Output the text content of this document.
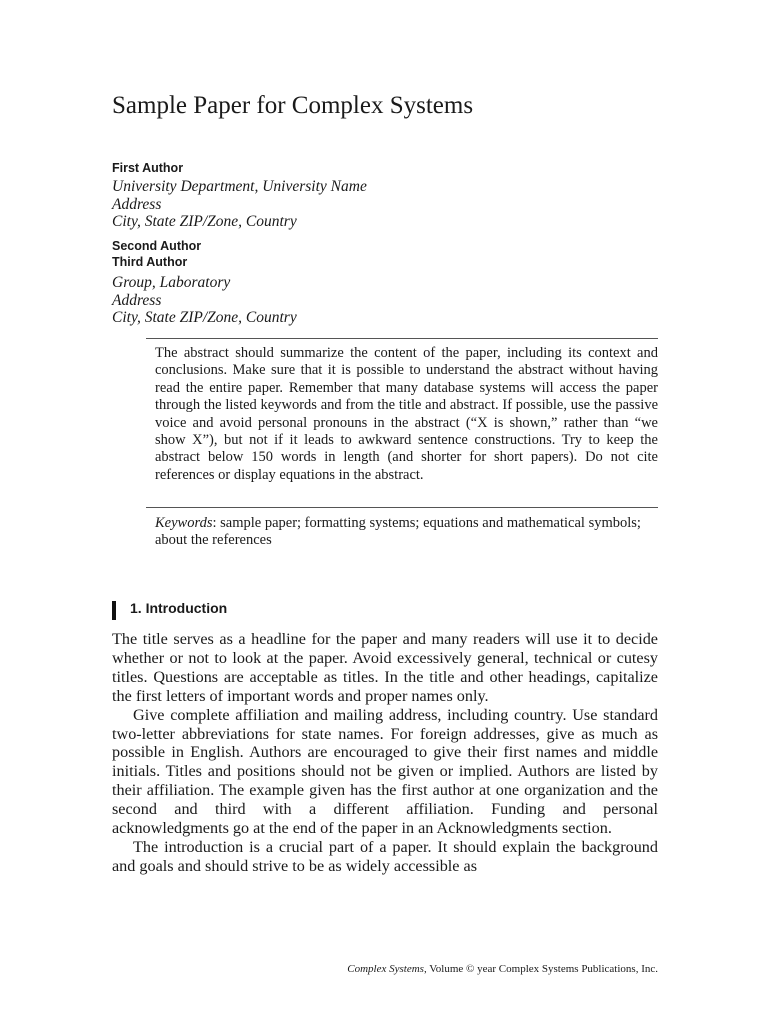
Sample Paper for Complex Systems
First Author
University Department, University Name
Address
City, State ZIP/Zone, Country
Second Author
Third Author
Group, Laboratory
Address
City, State ZIP/Zone, Country
The abstract should summarize the content of the paper, including its context and conclusions. Make sure that it is possible to understand the abstract without having read the entire paper. Remember that many database systems will access the paper through the listed keywords and from the title and abstract. If possible, use the passive voice and avoid personal pronouns in the abstract (“X is shown,” rather than “we show X”), but not if it leads to awkward sentence constructions. Try to keep the abstract below 150 words in length (and shorter for short papers). Do not cite references or display equations in the abstract.
Keywords: sample paper; formatting systems; equations and mathematical symbols; about the references
1. Introduction

The title serves as a headline for the paper and many readers will use it to decide whether or not to look at the paper. Avoid excessively general, technical or cutesy titles. Questions are acceptable as titles. In the title and other headings, capitalize the first letters of important words and proper names only.

Give complete affiliation and mailing address, including country. Use standard two-letter abbreviations for state names. For foreign addresses, give as much as possible in English. Authors are encouraged to give their first names and middle initials. Titles and positions should not be given or implied. Authors are listed by their affiliation. The example given has the first author at one organization and the second and third with a different affiliation. Funding and personal acknowledgments go at the end of the paper in an Acknowledgments section.

The introduction is a crucial part of a paper. It should explain the background and goals and should strive to be as widely accessible as

Complex Systems, Volume © year Complex Systems Publications, Inc.
